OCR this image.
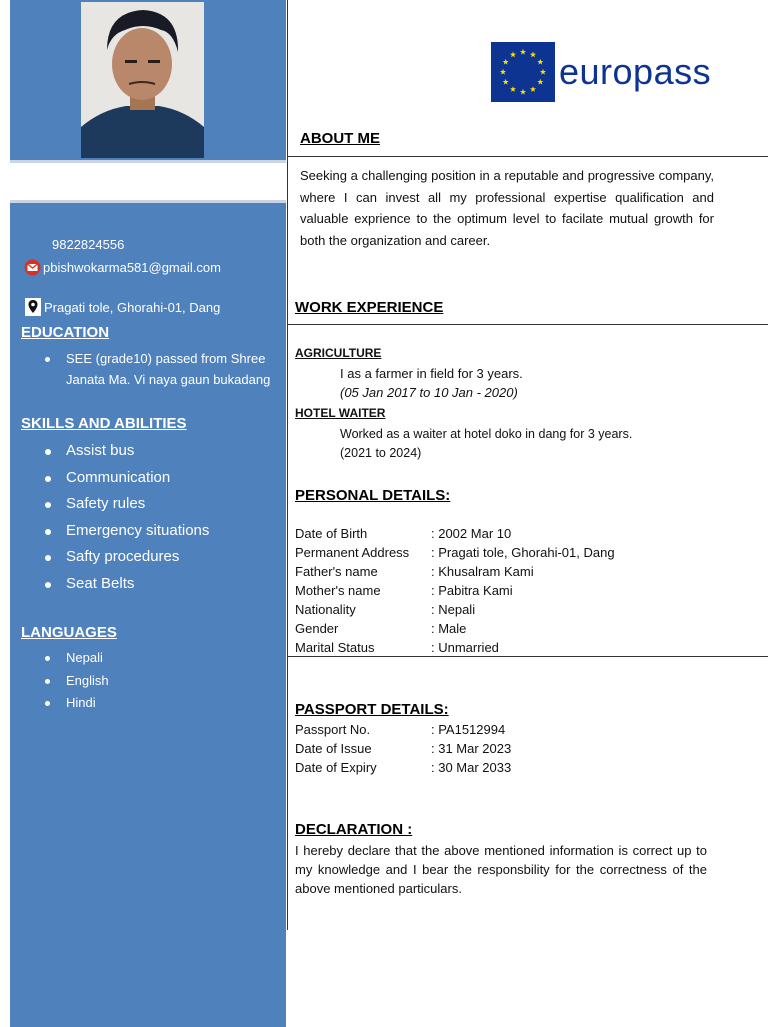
9822824556
pbishwokarma581@gmail.com
Pragati tole, Ghorahi-01, Dang
EDUCATION
SEE (grade10) passed from Shree Janata Ma. Vi naya gaun bukadang
SKILLS AND ABILITIES
Assist bus
Communication
Safety rules
Emergency situations
Safty procedures
Seat Belts
LANGUAGES
Nepali
English
Hindi
europass
ABOUT ME
Seeking a challenging position in a reputable and progressive company, where I can invest all my professional expertise qualification and valuable exprience to the optimum level to facilate mutual growth for both the organization and career.
WORK EXPERIENCE
AGRICULTURE
I as a farmer in field for 3 years.
(05 Jan 2017 to 10 Jan - 2020)
HOTEL WAITER
Worked as a waiter at hotel doko in dang for 3 years.
(2021 to 2024)
PERSONAL DETAILS:
Date of Birth	: 2002 Mar 10
Permanent Address : Pragati tole, Ghorahi-01, Dang
Father's name	: Khusalram Kami
Mother's name	: Pabitra Kami
Nationality	: Nepali
Gender	: Male
Marital Status	: Unmarried
PASSPORT DETAILS:
Passport No.	: PA1512994
Date of Issue	: 31 Mar 2023
Date of Expiry	: 30 Mar 2033
DECLARATION :
I hereby declare that the above mentioned information is correct up to my knowledge and I bear the responsbility for the correctness of the above mentioned particulars.
